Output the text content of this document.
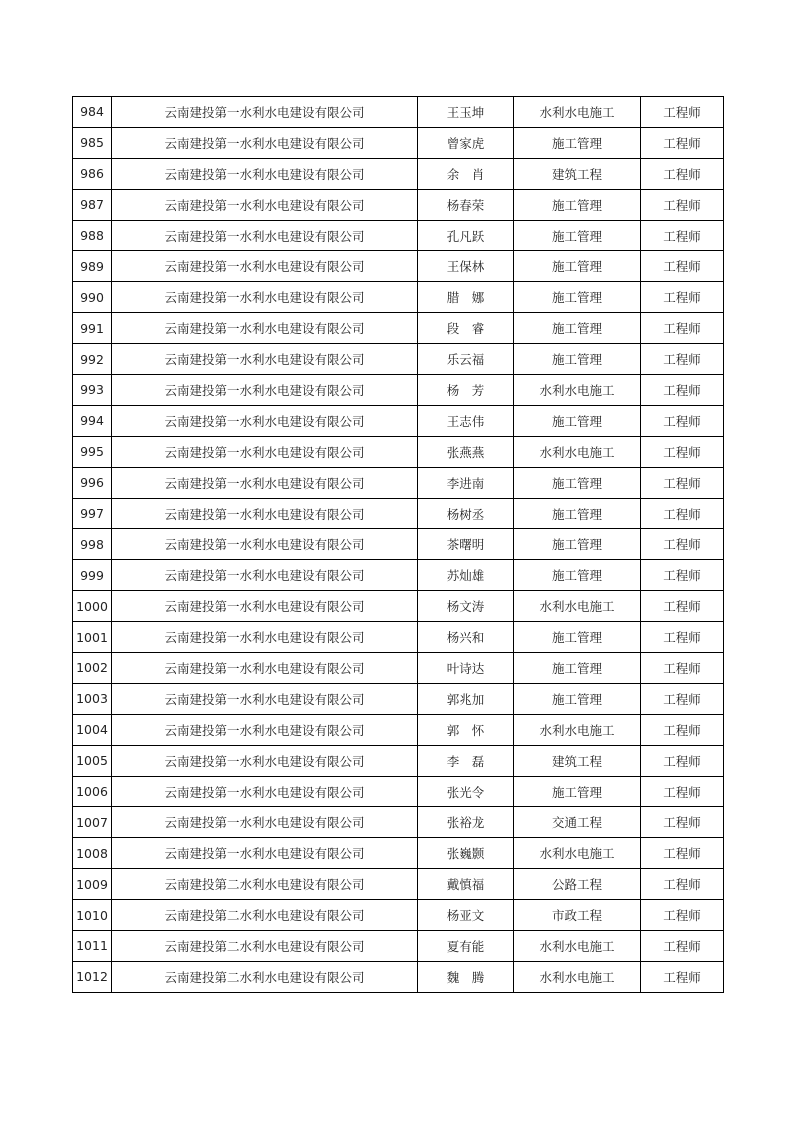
984	云南建投第一水利水电建设有限公司	王玉坤	水利水电施工	工程师
985	云南建投第一水利水电建设有限公司	曾家虎	施工管理	工程师
986	云南建投第一水利水电建设有限公司	余　肖	建筑工程	工程师
987	云南建投第一水利水电建设有限公司	杨春荣	施工管理	工程师
988	云南建投第一水利水电建设有限公司	孔凡跃	施工管理	工程师
989	云南建投第一水利水电建设有限公司	王保林	施工管理	工程师
990	云南建投第一水利水电建设有限公司	腊　娜	施工管理	工程师
991	云南建投第一水利水电建设有限公司	段　睿	施工管理	工程师
992	云南建投第一水利水电建设有限公司	乐云福	施工管理	工程师
993	云南建投第一水利水电建设有限公司	杨　芳	水利水电施工	工程师
994	云南建投第一水利水电建设有限公司	王志伟	施工管理	工程师
995	云南建投第一水利水电建设有限公司	张燕燕	水利水电施工	工程师
996	云南建投第一水利水电建设有限公司	李进南	施工管理	工程师
997	云南建投第一水利水电建设有限公司	杨树丞	施工管理	工程师
998	云南建投第一水利水电建设有限公司	茶曙明	施工管理	工程师
999	云南建投第一水利水电建设有限公司	苏灿雄	施工管理	工程师
1000	云南建投第一水利水电建设有限公司	杨文涛	水利水电施工	工程师
1001	云南建投第一水利水电建设有限公司	杨兴和	施工管理	工程师
1002	云南建投第一水利水电建设有限公司	叶诗达	施工管理	工程师
1003	云南建投第一水利水电建设有限公司	郭兆加	施工管理	工程师
1004	云南建投第一水利水电建设有限公司	郭　怀	水利水电施工	工程师
1005	云南建投第一水利水电建设有限公司	李　磊	建筑工程	工程师
1006	云南建投第一水利水电建设有限公司	张光令	施工管理	工程师
1007	云南建投第一水利水电建设有限公司	张裕龙	交通工程	工程师
1008	云南建投第一水利水电建设有限公司	张巍颢	水利水电施工	工程师
1009	云南建投第二水利水电建设有限公司	戴慎福	公路工程	工程师
1010	云南建投第二水利水电建设有限公司	杨亚文	市政工程	工程师
1011	云南建投第二水利水电建设有限公司	夏有能	水利水电施工	工程师
1012	云南建投第二水利水电建设有限公司	魏　腾	水利水电施工	工程师
